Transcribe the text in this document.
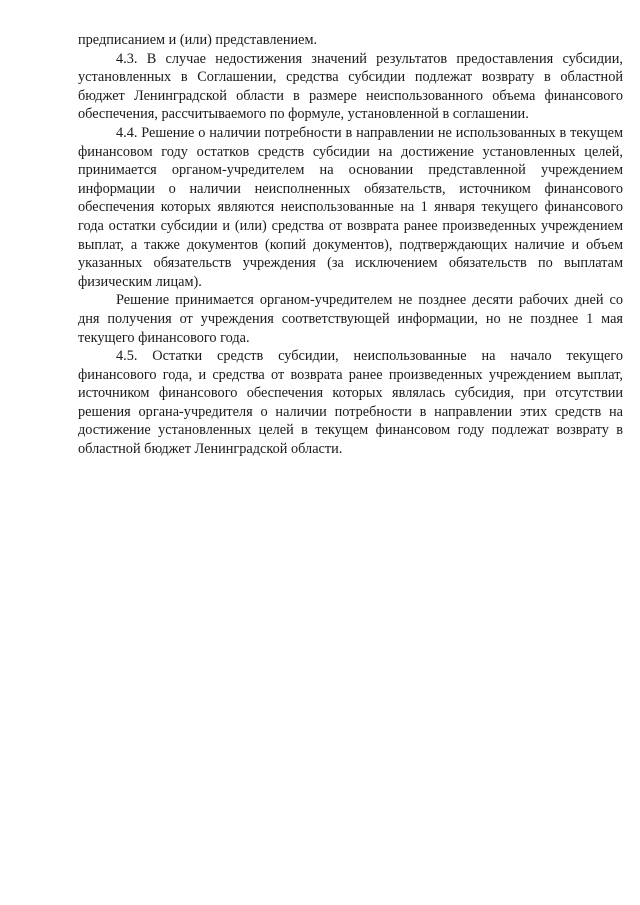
предписанием и (или) представлением.

4.3. В случае недостижения значений результатов предоставления субсидии, установленных в Соглашении, средства субсидии подлежат возврату в областной бюджет Ленинградской области в размере неиспользованного объема финансового обеспечения, рассчитываемого по формуле, установленной в соглашении.

4.4. Решение о наличии потребности в направлении не использованных в текущем финансовом году остатков средств субсидии на достижение установленных целей, принимается органом-учредителем на основании представленной учреждением информации о наличии неисполненных обязательств, источником финансового обеспечения которых являются неиспользованные на 1 января текущего финансового года остатки субсидии и (или) средства от возврата ранее произведенных учреждением выплат, а также документов (копий документов), подтверждающих наличие и объем указанных обязательств учреждения (за исключением обязательств по выплатам физическим лицам).

Решение принимается органом-учредителем не позднее десяти рабочих дней со дня получения от учреждения соответствующей информации, но не позднее 1 мая текущего финансового года.

4.5. Остатки средств субсидии, неиспользованные на начало текущего финансового года, и средства от возврата ранее произведенных учреждением выплат, источником финансового обеспечения которых являлась субсидия, при отсутствии решения органа-учредителя о наличии потребности в направлении этих средств на достижение установленных целей в текущем финансовом году подлежат возврату в областной бюджет Ленинградской области.
